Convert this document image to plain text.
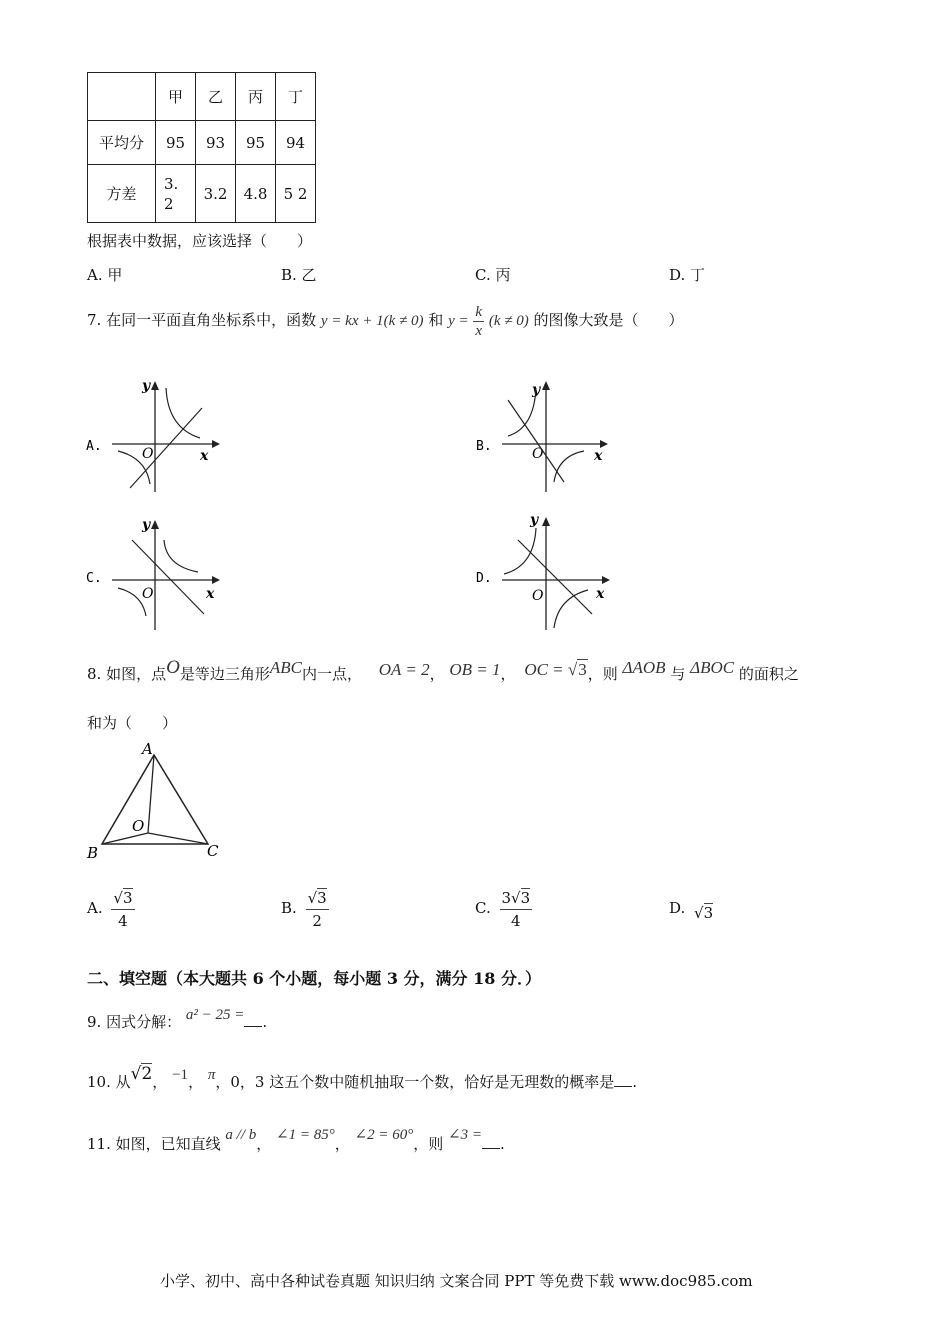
	甲	乙	丙	丁
平均分	95	93	95	94
方差	3.
2	3.2	4.8	5 2
根据表中数据，应该选择（　　）
A. 甲	B. 乙	C. 丙	D. 丁
7. 在同一平面直角坐标系中，函数 y = kx + 1(k ≠ 0) 和 $y = \frac{k}{x} (k \ne 0)$ 的图像大致是（　　）
A.
y
x
O	B.
y
x
O
C.
y
x
O
D.
y
x
O
8. 如图，点O是等边三角形ABC内一点， OA = 2， OB = 1， OC = √3，则 ΔAOB 与 ΔBOC 的面积之
和为（　　）
A
B	C
O
A. $\frac{√3}{4}$	B. $\frac{√3}{2}$	C. $\frac{3√3}{4}$	D. √3
二、填空题（本大题共 6 个小题，每小题 3 分，满分 18 分．）
9. 因式分解： a² − 25 = .
10. 从√2， −1， π，0，3 这五个数中随机抽取一个数，恰好是无理数的概率是 .
11. 如图，已知直线 a // b， ∠1 = 85°， ∠2 = 60°，则 ∠3 = .
小学、初中、高中各种试卷真题 知识归纳 文案合同 PPT 等免费下载 www.doc985.com
